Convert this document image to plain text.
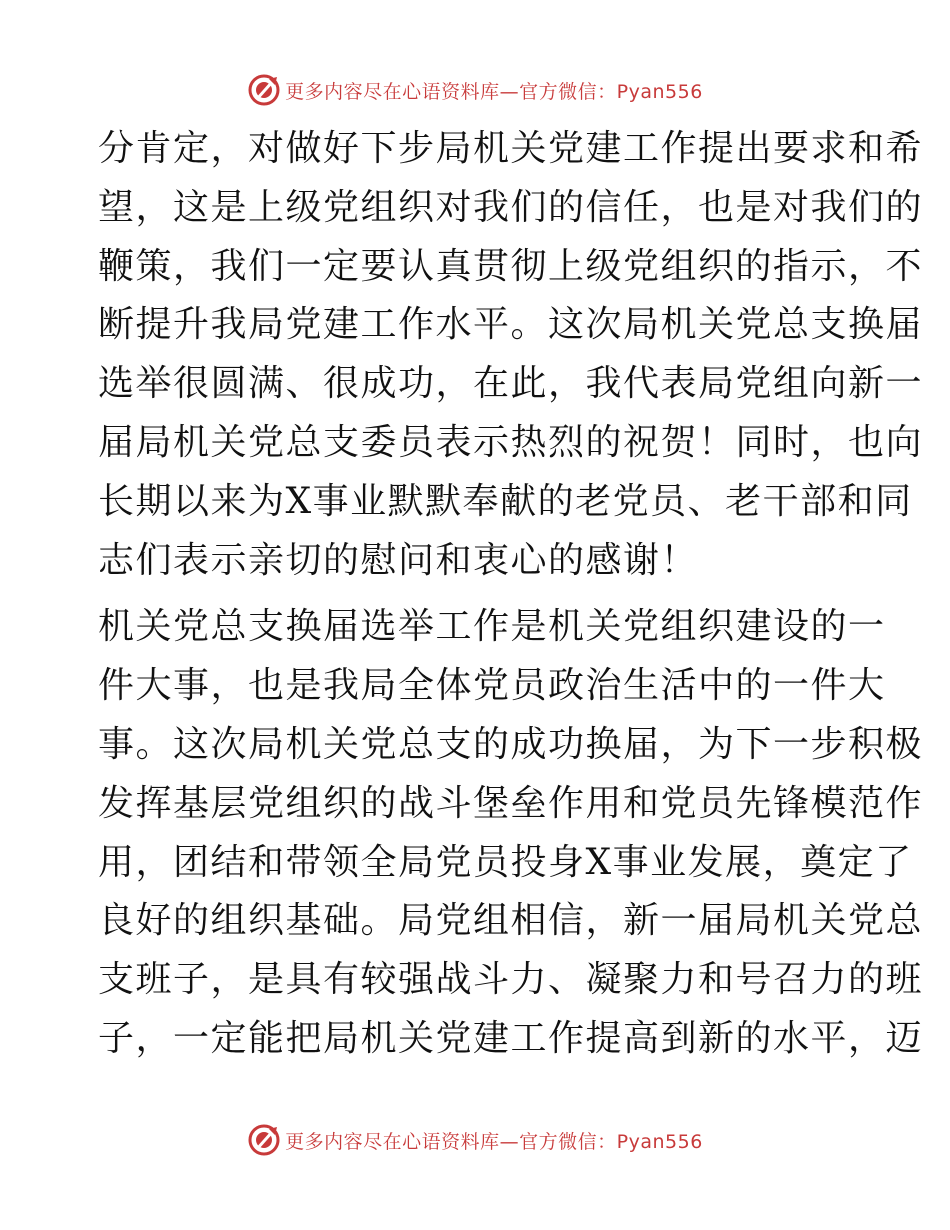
更多内容尽在心语资料库—官方微信：Pyan556
分肯定，对做好下步局机关党建工作提出要求和希
望，这是上级党组织对我们的信任，也是对我们的
鞭策，我们一定要认真贯彻上级党组织的指示，不
断提升我局党建工作水平。这次局机关党总支换届
选举很圆满、很成功，在此，我代表局党组向新一
届局机关党总支委员表示热烈的祝贺！同时，也向
长期以来为X事业默默奉献的老党员、老干部和同
志们表示亲切的慰问和衷心的感谢！
机关党总支换届选举工作是机关党组织建设的一
件大事，也是我局全体党员政治生活中的一件大
事。这次局机关党总支的成功换届，为下一步积极
发挥基层党组织的战斗堡垒作用和党员先锋模范作
用，团结和带领全局党员投身X事业发展，奠定了
良好的组织基础。局党组相信，新一届局机关党总
支班子，是具有较强战斗力、凝聚力和号召力的班
子，一定能把局机关党建工作提高到新的水平，迈
更多内容尽在心语资料库—官方微信：Pyan556
